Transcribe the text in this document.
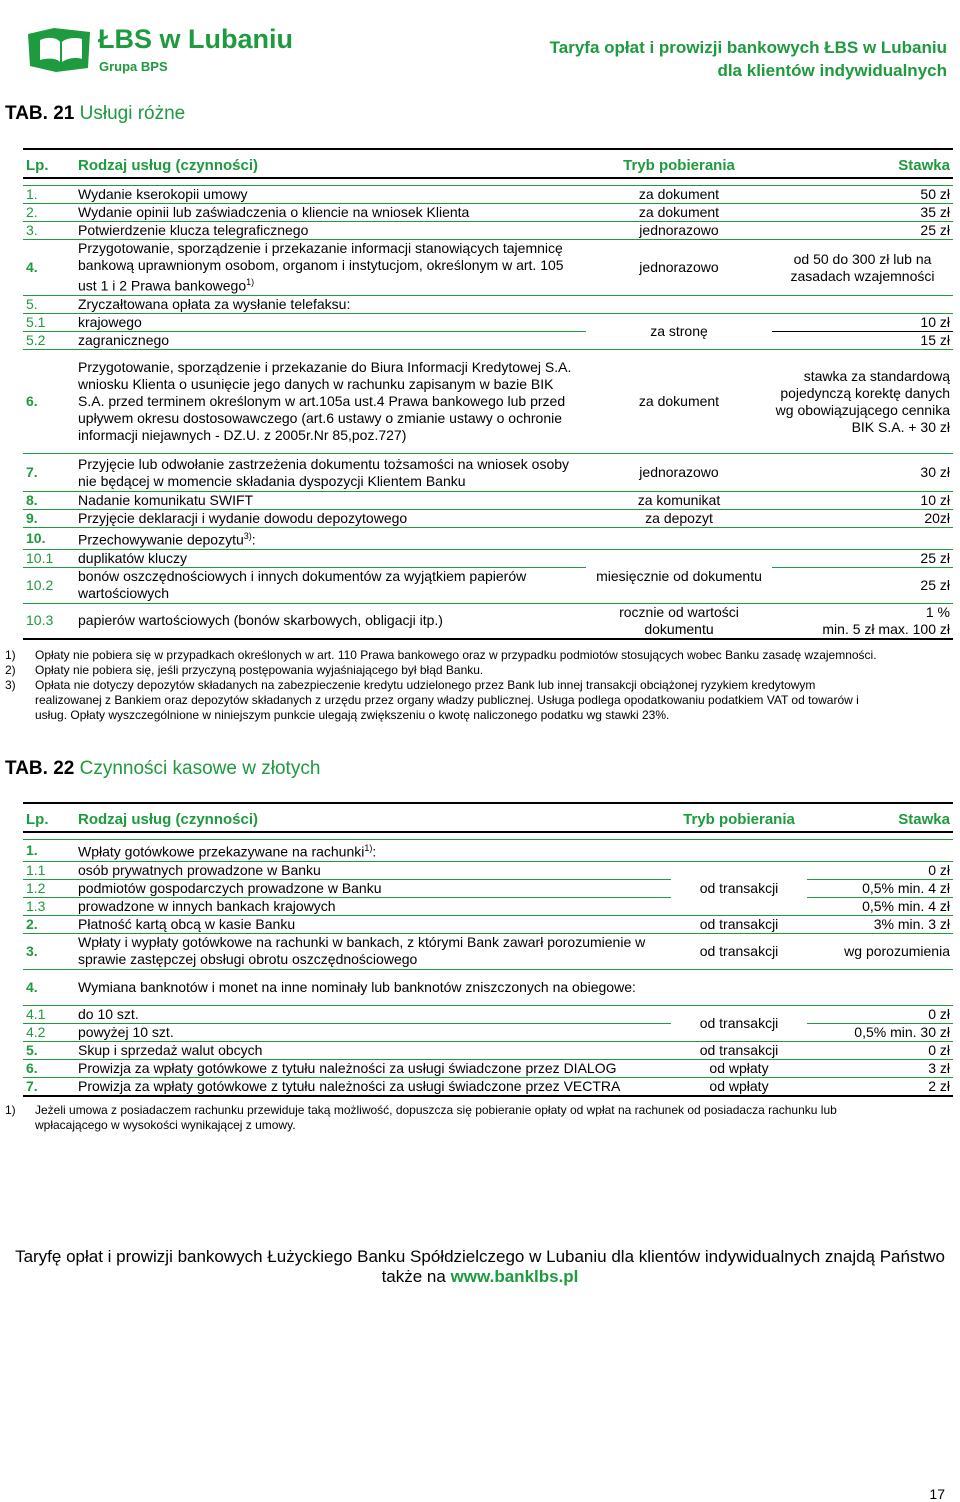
ŁBS w Lubaniu
Grupa BPS
Taryfa opłat i prowizji bankowych ŁBS w Lubaniu
dla klientów indywidualnych
TAB. 21 Usługi różne

Lp.	Rodzaj usług (czynności)	Tryb pobierania	Stawka

1.	Wydanie kserokopii umowy	za dokument	50 zł
2.	Wydanie opinii lub zaświadczenia o kliencie na wniosek Klienta	za dokument	35 zł
3.	Potwierdzenie klucza telegraficznego	jednorazowo	25 zł
4.	Przygotowanie, sporządzenie i przekazanie informacji stanowiących tajemnicę bankową uprawnionym osobom, organom i instytucjom, określonym w art. 105 ust 1 i 2 Prawa bankowego$^{1)}$	jednorazowo	od 50 do 300 zł lub na zasadach wzajemności
5.	Zryczałtowana opłata za wysłanie telefaksu:		
5.1	krajowego	za stronę	10 zł
5.2	zagranicznego		15 zł
6.	Przygotowanie, sporządzenie i przekazanie do Biura Informacji Kredytowej S.A. wniosku Klienta o usunięcie jego danych w rachunku zapisanym w bazie BIK S.A. przed terminem określonym w art.105a ust.4 Prawa bankowego lub przed upływem okresu dostosowawczego (art.6 ustawy o zmianie ustawy o ochronie informacji niejawnych - DZ.U. z 2005r.Nr 85,poz.727)	za dokument	stawka za standardową pojedynczą korektę danych wg obowiązującego cennika BIK S.A. + 30 zł
7.	Przyjęcie lub odwołanie zastrzeżenia dokumentu tożsamości na wniosek osoby nie będącej w momencie składania dyspozycji Klientem Banku	jednorazowo	30 zł
8.	Nadanie komunikatu SWIFT	za komunikat	10 zł
9.	Przyjęcie deklaracji i wydanie dowodu depozytowego	za depozyt	20zł
10.	Przechowywanie depozytu$^{3)}$:		
10.1	duplikatów kluczy	miesięcznie od dokumentu	25 zł
10.2	bonów oszczędnościowych i innych dokumentów za wyjątkiem papierów wartościowych		25 zł
10.3	papierów wartościowych (bonów skarbowych, obligacji itp.)	rocznie od wartości dokumentu	1 %
min. 5 zł max. 100 zł

1) Opłaty nie pobiera się w przypadkach określonych w art. 110 Prawa bankowego oraz w przypadku podmiotów stosujących wobec Banku zasadę wzajemności.
2) Opłaty nie pobiera się, jeśli przyczyną postępowania wyjaśniającego był błąd Banku.
3) Opłata nie dotyczy depozytów składanych na zabezpieczenie kredytu udzielonego przez Bank lub innej transakcji obciążonej ryzykiem kredytowym
realizowanej z Bankiem oraz depozytów składanych z urzędu przez organy władzy publicznej. Usługa podlega opodatkowaniu podatkiem VAT od towarów i
usług. Opłaty wyszczególnione w niniejszym punkcie ulegają zwiększeniu o kwotę naliczonego podatku wg stawki 23%.
TAB. 22 Czynności kasowe w złotych

Lp.	Rodzaj usług (czynności)	Tryb pobierania	Stawka

1.	Wpłaty gotówkowe przekazywane na rachunki$^{1)}$:		
1.1	osób prywatnych prowadzone w Banku	od transakcji	0 zł
1.2	podmiotów gospodarczych prowadzone w Banku		0,5% min. 4 zł
1.3	prowadzone w innych bankach krajowych		0,5% min. 4 zł
2.	Płatność kartą obcą w kasie Banku	od transakcji	3% min. 3 zł
3.	Wpłaty i wypłaty gotówkowe na rachunki w bankach, z którymi Bank zawarł porozumienie w sprawie zastępczej obsługi obrotu oszczędnościowego	od transakcji	wg porozumienia
4.	Wymiana banknotów i monet na inne nominały lub banknotów zniszczonych na obiegowe:		
4.1	do 10 szt.	od transakcji	0 zł
4.2	powyżej 10 szt.		0,5% min. 30 zł
5.	Skup i sprzedaż walut obcych	od transakcji	0 zł
6.	Prowizja za wpłaty gotówkowe z tytułu należności za usługi świadczone przez DIALOG	od wpłaty	3 zł
7.	Prowizja za wpłaty gotówkowe z tytułu należności za usługi świadczone przez VECTRA	od wpłaty	2 zł

1) Jeżeli umowa z posiadaczem rachunku przewiduje taką możliwość, dopuszcza się pobieranie opłaty od wpłat na rachunek od posiadacza rachunku lub
wpłacającego w wysokości wynikającej z umowy.
Taryfę opłat i prowizji bankowych Łużyckiego Banku Spółdzielczego w Lubaniu dla klientów indywidualnych znajdą Państwo
także na www.banklbs.pl
17
